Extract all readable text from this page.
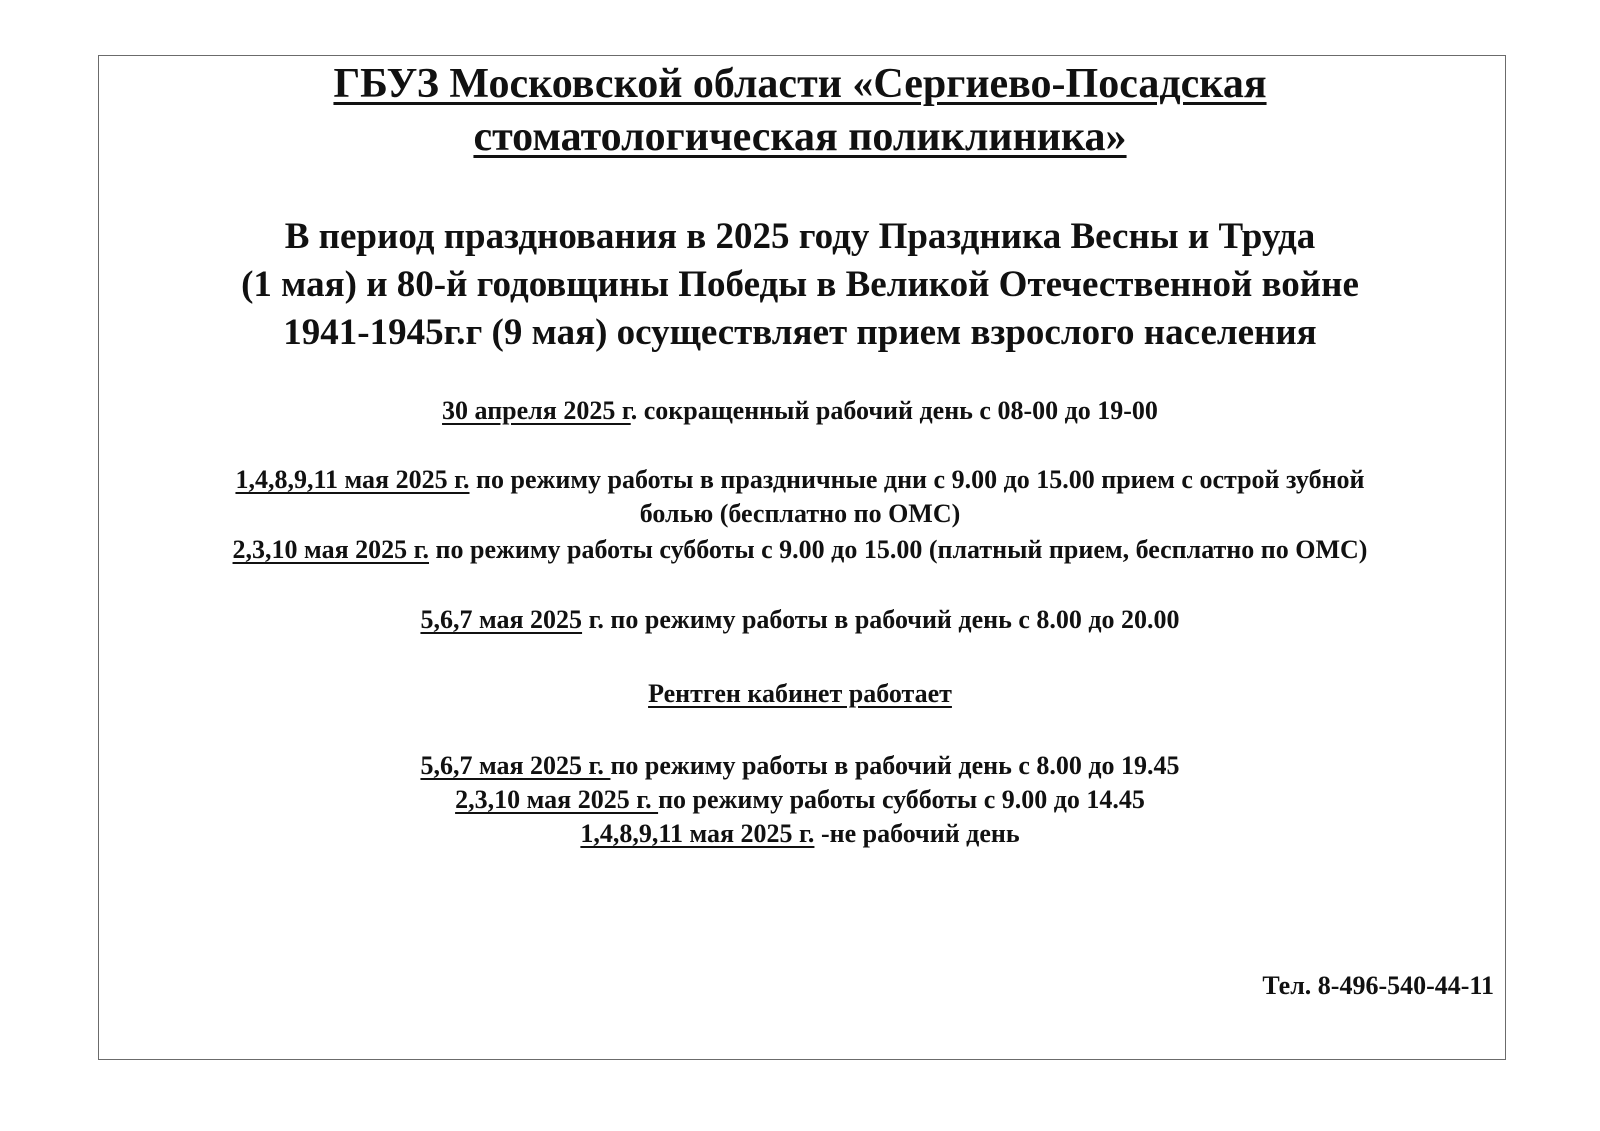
ГБУЗ Московской области «Сергиево-Посадская
стоматологическая поликлиника»
В период празднования в 2025 году Праздника Весны и Труда
(1 мая) и 80-й годовщины Победы в Великой Отечественной войне
1941-1945г.г (9 мая) осуществляет прием взрослого населения
30 апреля 2025 г. сокращенный рабочий день с 08-00 до 19-00
1,4,8,9,11 мая 2025 г. по режиму работы в праздничные дни с 9.00 до 15.00 прием с острой зубной
болью (бесплатно по ОМС)
2,3,10 мая 2025 г. по режиму работы субботы с 9.00 до 15.00 (платный прием, бесплатно по ОМС)
5,6,7 мая 2025 г. по режиму работы в рабочий день с 8.00 до 20.00
Рентген кабинет работает
5,6,7 мая 2025 г. по режиму работы в рабочий день с 8.00 до 19.45
2,3,10 мая 2025 г. по режиму работы субботы с 9.00 до 14.45
1,4,8,9,11 мая 2025 г. -не рабочий день
Тел. 8-496-540-44-11
